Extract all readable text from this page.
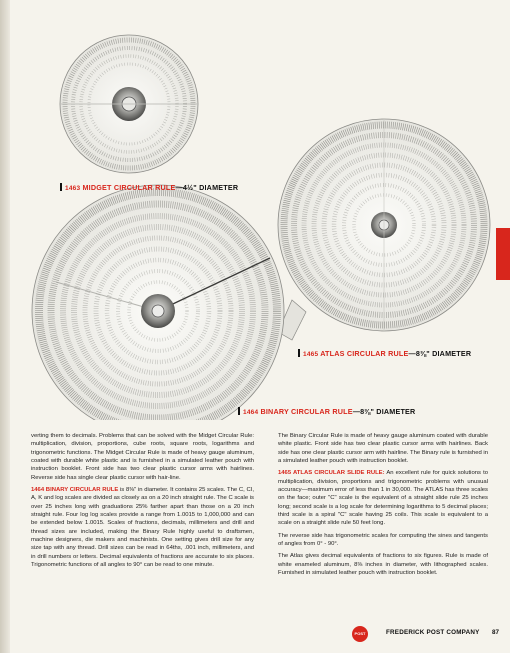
1463 MIDGET CIRCULAR RULE—4½" DIAMETER
1465 ATLAS CIRCULAR RULE—8⅜" DIAMETER
1464 BINARY CIRCULAR RULE—8⅜" DIAMETER

verting them to decimals. Problems that can be solved with the Midget Circular Rule: multiplication, division, proportions, cube roots, square roots, logarithms and trigonometric functions. The Midget Circular Rule is made of heavy gauge aluminum, coated with durable white plastic and is furnished in a simulated leather pouch with instruction booklet. Front side has two clear plastic cursor arms with hairlines. Reverse side has single clear plastic cursor with hair-line.

1464 BINARY CIRCULAR RULE is 8⅜" in diameter. It contains 25 scales. The C, CI, A, K and log scales are divided as closely as on a 20 inch straight rule. The C scale is over 25 inches long with graduations 25% farther apart than those on a 20 inch straight rule. Four log log scales provide a range from 1.0015 to 1,000,000 and can be extended below 1.0015. Scales of fractions, decimals, millimeters and drill and thread sizes are included, making the Binary Rule highly useful to draftsmen, machine designers, die makers and machinists. One setting gives drill size for any size tap with any thread. Drill sizes can be read in 64ths, .001 inch, millimeters, and in drill numbers or letters. Decimal equivalents of fractions are accurate to six places. Trigonometric functions of all angles to 90° can be read to one minute.

The Binary Circular Rule is made of heavy gauge aluminum coated with durable white plastic. Front side has two clear plastic cursor arms with hairlines. Back side has one clear plastic cursor arm with hairline. The Binary rule is furnished in a simulated leather pouch with instruction booklet.

1465 ATLAS CIRCULAR SLIDE RULE: An excellent rule for quick solutions to multiplication, division, proportions and trigonometric problems with unusual accuracy—maximum error of less than 1 in 30,000. The ATLAS has three scales on the face; outer "C" scale is the equivalent of a straight slide rule 25 inches long; second scale is a log scale for determining logarithms to 5 decimal places; third scale is a spiral "C" scale having 25 coils. This scale is equivalent to a scale on a straight slide rule 50 feet long.

The reverse side has trigonometric scales for computing the sines and tangents of angles from 0° - 90°.

The Atlas gives decimal equivalents of fractions to six figures. Rule is made of white enameled aluminum, 8⅜ inches in diameter, with lithographed scales. Furnished in simulated leather pouch with instruction booklet.

POST	FREDERICK POST COMPANY 87
